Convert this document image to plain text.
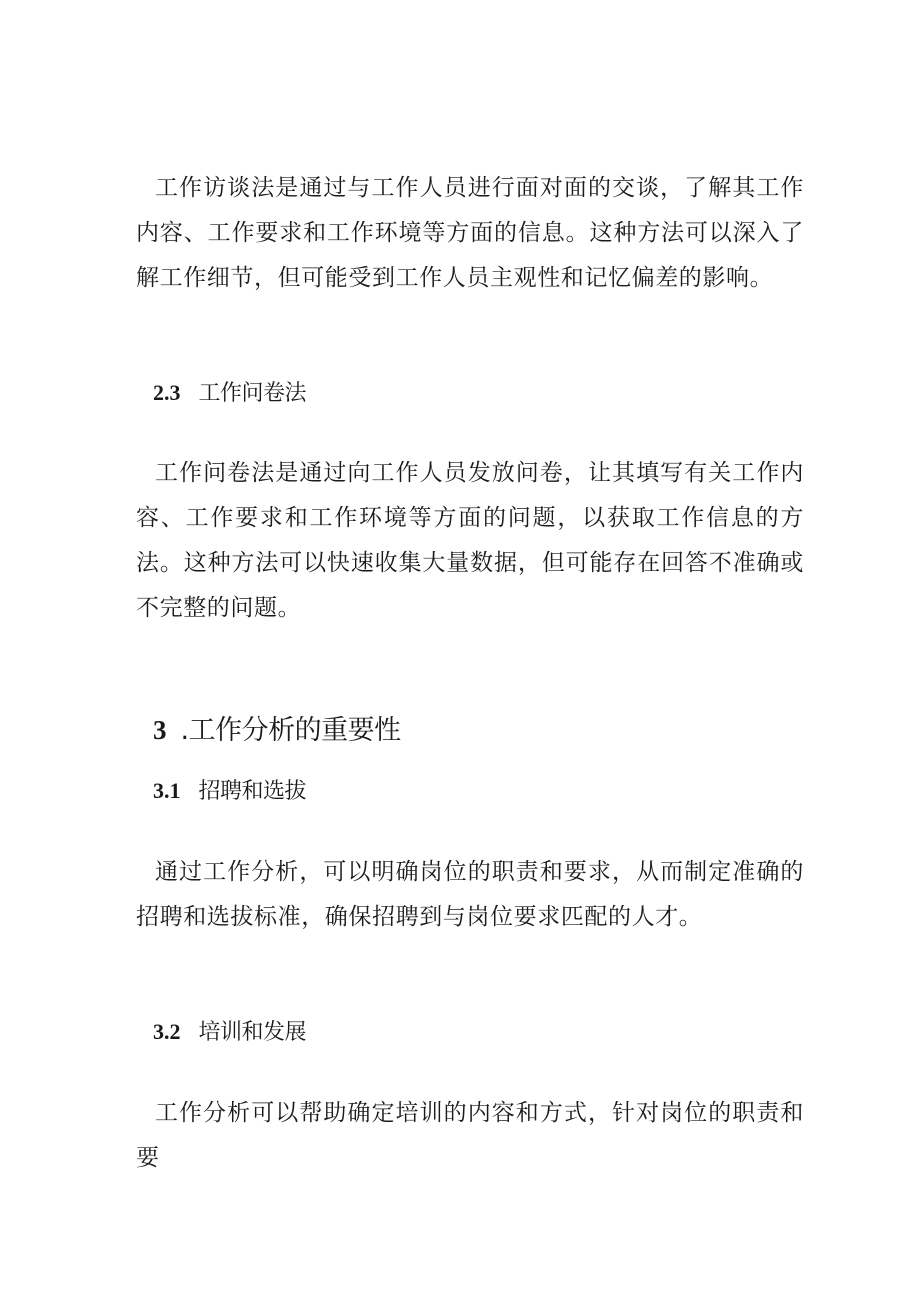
工作访谈法是通过与工作人员进行面对面的交谈，了解其工作内容、工作要求和工作环境等方面的信息。这种方法可以深入了解工作细节，但可能受到工作人员主观性和记忆偏差的影响。

2.3 工作问卷法

工作问卷法是通过向工作人员发放问卷，让其填写有关工作内容、工作要求和工作环境等方面的问题，以获取工作信息的方法。这种方法可以快速收集大量数据，但可能存在回答不准确或不完整的问题。

3 .工作分析的重要性
3.1 招聘和选拔

通过工作分析，可以明确岗位的职责和要求，从而制定准确的招聘和选拔标准，确保招聘到与岗位要求匹配的人才。

3.2 培训和发展

工作分析可以帮助确定培训的内容和方式，针对岗位的职责和要
